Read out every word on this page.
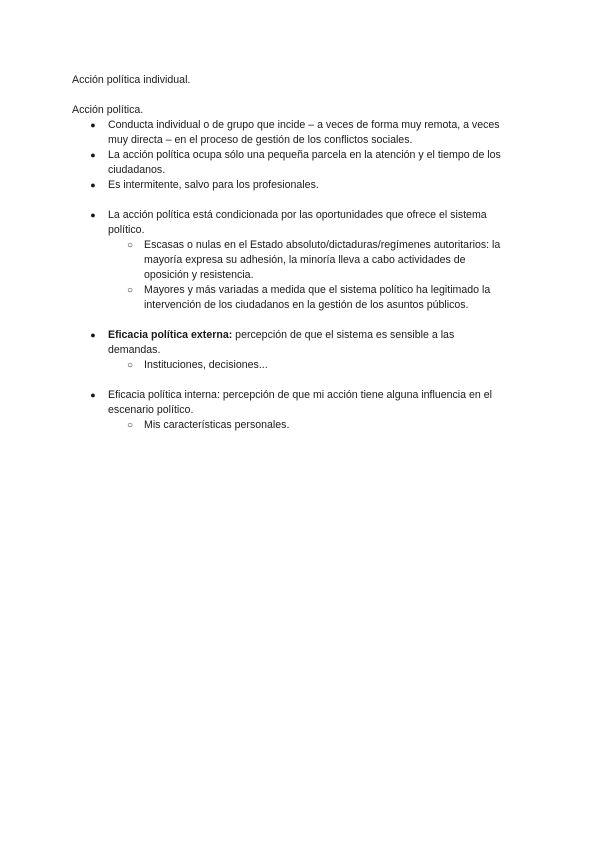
Acción política individual.
Acción política.
●	Conducta individual o de grupo que incide – a veces de forma muy remota, a veces
muy directa – en el proceso de gestión de los conflictos sociales.
●	La acción política ocupa sólo una pequeña parcela en la atención y el tiempo de los
ciudadanos.
●	Es intermitente, salvo para los profesionales.
●	La acción política está condicionada por las oportunidades que ofrece el sistema
político.
○ Escasas o nulas en el Estado absoluto/dictaduras/regímenes autoritarios: la
mayoría expresa su adhesión, la minoría lleva a cabo actividades de
oposición y resistencia.
○ Mayores y más variadas a medida que el sistema político ha legitimado la
intervención de los ciudadanos en la gestión de los asuntos públicos.
●	Eficacia política externa: percepción de que el sistema es sensible a las
demandas.
○ Instituciones, decisiones...
●	Eficacia política interna: percepción de que mi acción tiene alguna influencia en el
escenario político.
○ Mis características personales.
